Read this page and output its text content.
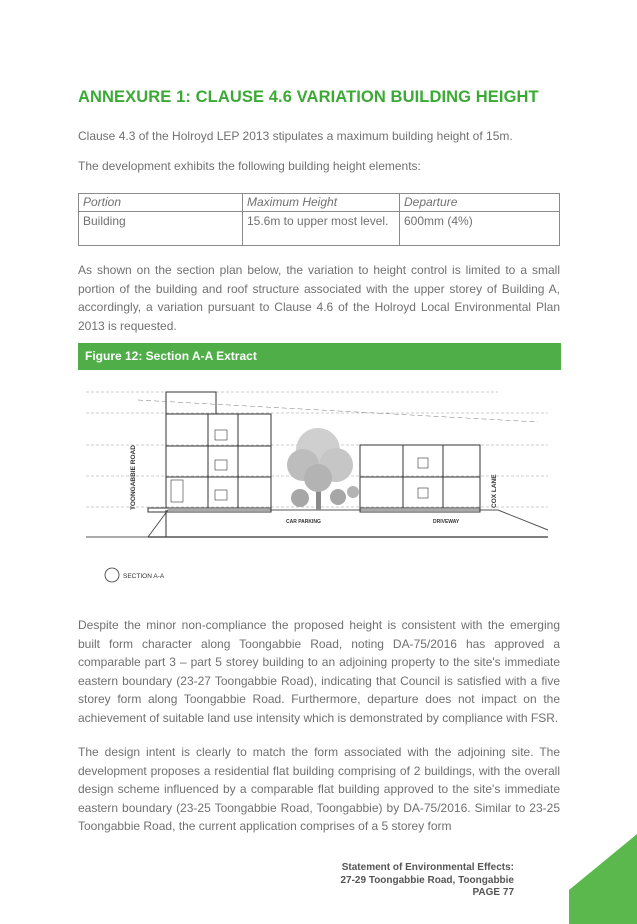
ANNEXURE 1: CLAUSE 4.6 VARIATION BUILDING HEIGHT

Clause 4.3 of the Holroyd LEP 2013 stipulates a maximum building height of 15m.

The development exhibits the following building height elements:

Portion	Maximum Height	Departure
Building	15.6m to upper most level.	600mm (4%)

As shown on the section plan below, the variation to height control is limited to a small portion of the building and roof structure associated with the upper storey of Building A, accordingly, a variation pursuant to Clause 4.6 of the Holroyd Local Environmental Plan 2013 is requested.

Figure 12: Section A-A Extract
TOONGABBIE ROAD	COX LANE
CAR PARKING	DRIVEWAY
SECTION A-A

Despite the minor non-compliance the proposed height is consistent with the emerging built form character along Toongabbie Road, noting DA-75/2016 has approved a comparable part 3 – part 5 storey building to an adjoining property to the site's immediate eastern boundary (23-27 Toongabbie Road), indicating that Council is satisfied with a five storey form along Toongabbie Road. Furthermore, departure does not impact on the achievement of suitable land use intensity which is demonstrated by compliance with FSR.

The design intent is clearly to match the form associated with the adjoining site. The development proposes a residential flat building comprising of 2 buildings, with the overall design scheme influenced by a comparable flat building approved to the site's immediate eastern boundary (23-25 Toongabbie Road, Toongabbie) by DA-75/2016. Similar to 23-25 Toongabbie Road, the current application comprises of a 5 storey form

Statement of Environmental Effects:
27-29 Toongabbie Road, Toongabbie
PAGE 77
